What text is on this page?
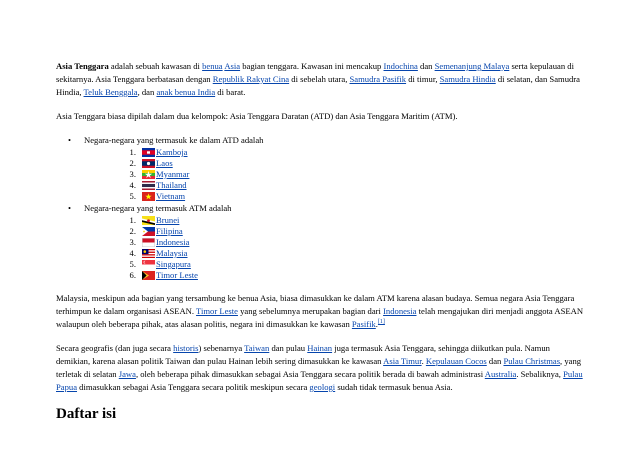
Asia Tenggara adalah sebuah kawasan di benua Asia bagian tenggara. Kawasan ini mencakup Indochina dan Semenanjung Malaya serta kepulauan di sekitarnya. Asia Tenggara berbatasan dengan Republik Rakyat Cina di sebelah utara, Samudra Pasifik di timur, Samudra Hindia di selatan, dan Samudra Hindia, Teluk Benggala, dan anak benua India di barat.

Asia Tenggara biasa dipilah dalam dua kelompok: Asia Tenggara Daratan (ATD) dan Asia Tenggara Maritim (ATM).

• Negara-negara yang termasuk ke dalam ATD adalah
1. Kamboja
2. Laos
3. Myanmar
4. Thailand
5. Vietnam
• Negara-negara yang termasuk ATM adalah
1. Brunei
2. Filipina
3. Indonesia
4. Malaysia
5. Singapura
6. Timor Leste

Malaysia, meskipun ada bagian yang tersambung ke benua Asia, biasa dimasukkan ke dalam ATM karena alasan budaya. Semua negara Asia Tenggara terhimpun ke dalam organisasi ASEAN. Timor Leste yang sebelumnya merupakan bagian dari Indonesia telah mengajukan diri menjadi anggota ASEAN walaupun oleh beberapa pihak, atas alasan politis, negara ini dimasukkan ke kawasan Pasifik.[1]

Secara geografis (dan juga secara historis) sebenarnya Taiwan dan pulau Hainan juga termasuk Asia Tenggara, sehingga diikutkan pula. Namun demikian, karena alasan politik Taiwan dan pulau Hainan lebih sering dimasukkan ke kawasan Asia Timur. Kepulauan Cocos dan Pulau Christmas, yang terletak di selatan Jawa, oleh beberapa pihak dimasukkan sebagai Asia Tenggara secara politik berada di bawah administrasi Australia. Sebaliknya, Pulau Papua dimasukkan sebagai Asia Tenggara secara politik meskipun secara geologi sudah tidak termasuk benua Asia.

Daftar isi
